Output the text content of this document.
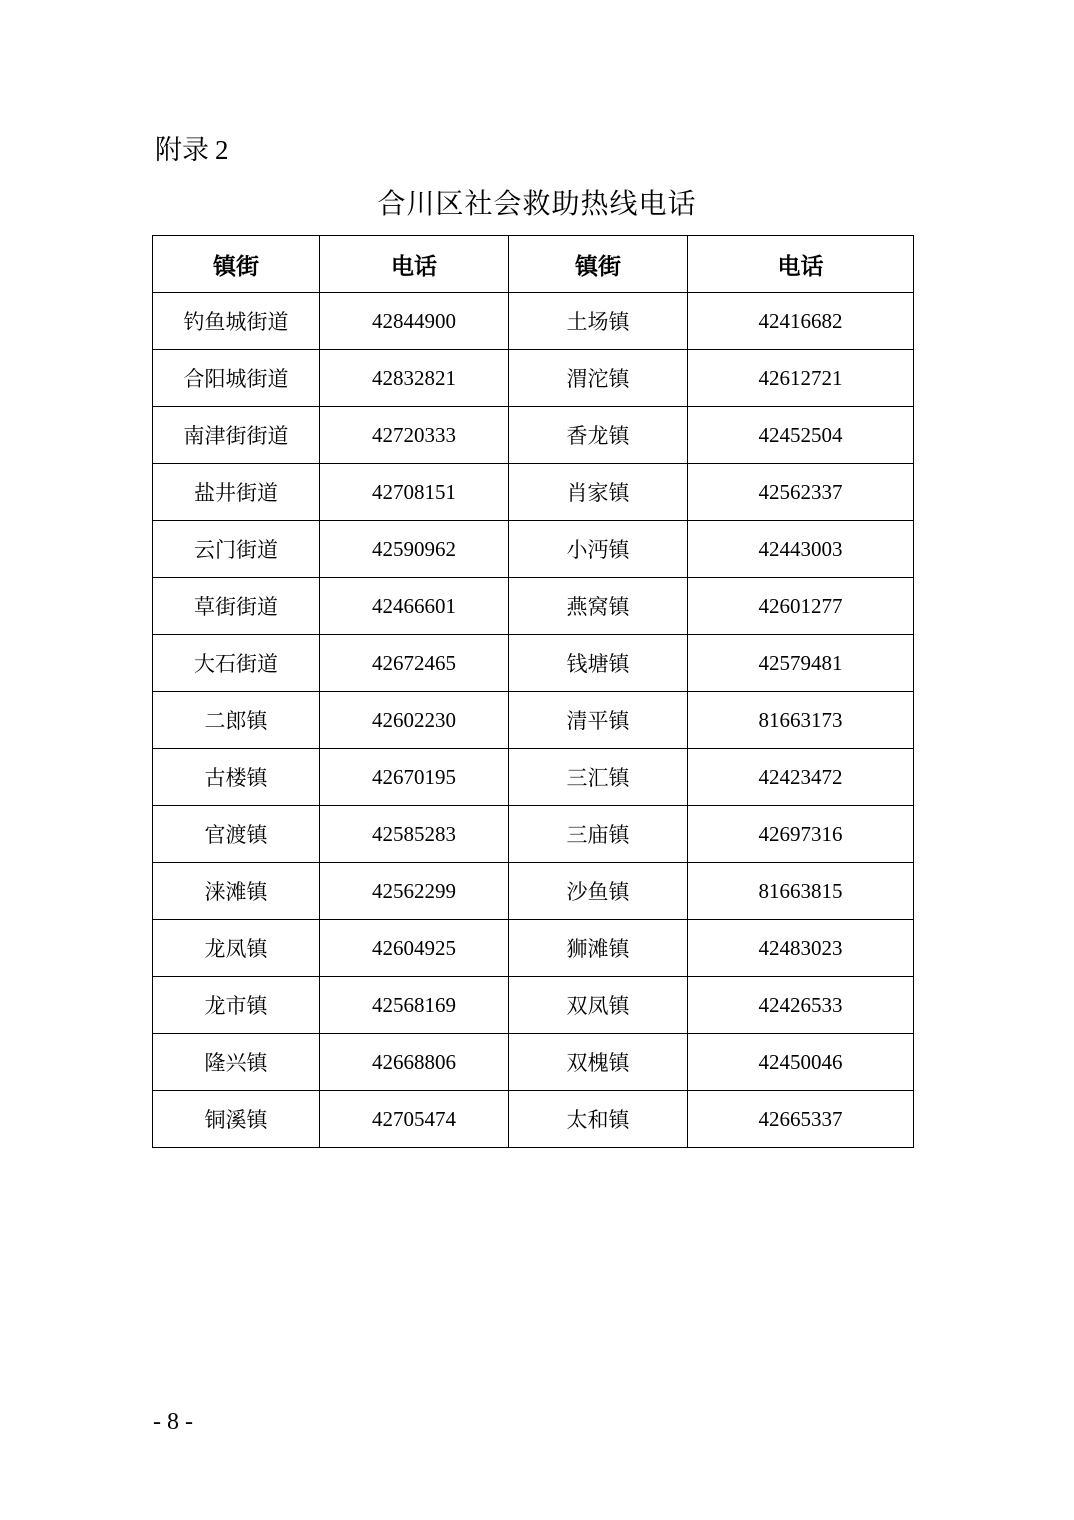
附录 2
合川区社会救助热线电话
镇街	电话	镇街	电话
钓鱼城街道	42844900	土场镇	42416682
合阳城街道	42832821	渭沱镇	42612721
南津街街道	42720333	香龙镇	42452504
盐井街道	42708151	肖家镇	42562337
云门街道	42590962	小沔镇	42443003
草街街道	42466601	燕窝镇	42601277
大石街道	42672465	钱塘镇	42579481
二郎镇	42602230	清平镇	81663173
古楼镇	42670195	三汇镇	42423472
官渡镇	42585283	三庙镇	42697316
涞滩镇	42562299	沙鱼镇	81663815
龙凤镇	42604925	狮滩镇	42483023
龙市镇	42568169	双凤镇	42426533
隆兴镇	42668806	双槐镇	42450046
铜溪镇	42705474	太和镇	42665337
- 8 -
